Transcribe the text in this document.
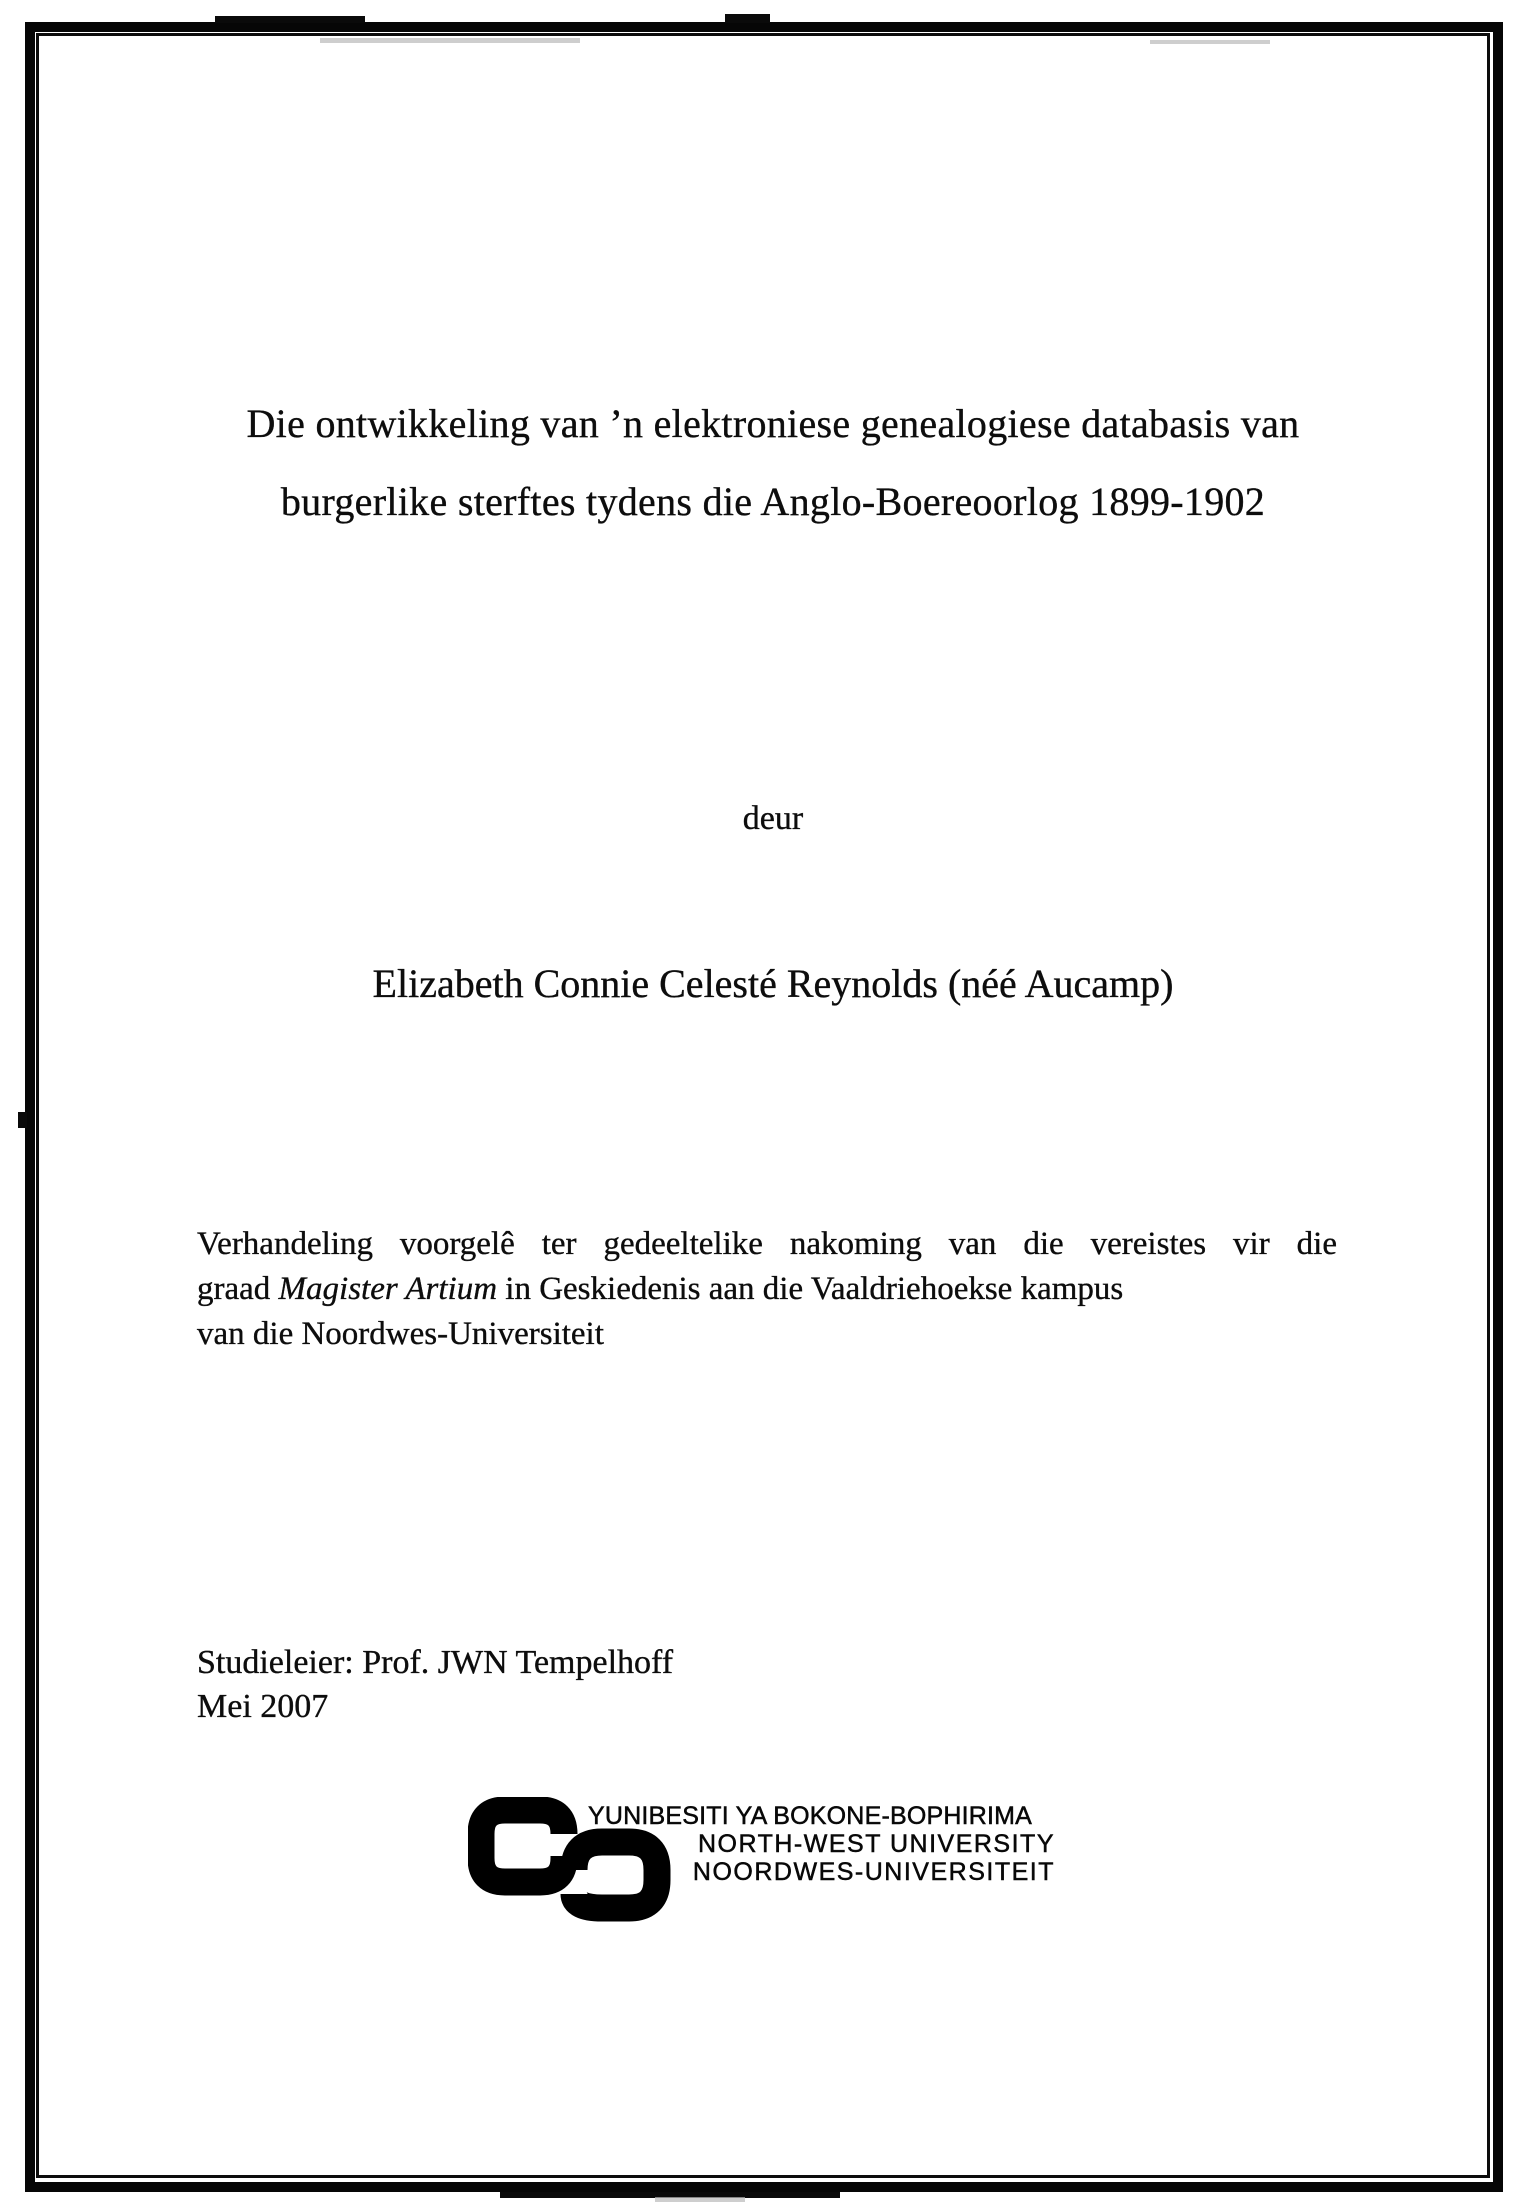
Die ontwikkeling van ’n elektroniese genealogiese databasis van
burgerlike sterftes tydens die Anglo-Boereoorlog 1899-1902
deur
Elizabeth Connie Celesté Reynolds (néé Aucamp)
Verhandeling voorgelê ter gedeeltelike nakoming van die vereistes vir die
graad Magister Artium in Geskiedenis aan die Vaaldriehoekse kampus
van die Noordwes-Universiteit
Studieleier: Prof. JWN Tempelhoff
Mei 2007
YUNIBESITI YA BOKONE-BOPHIRIMA
NORTH-WEST UNIVERSITY
NOORDWES-UNIVERSITEIT
